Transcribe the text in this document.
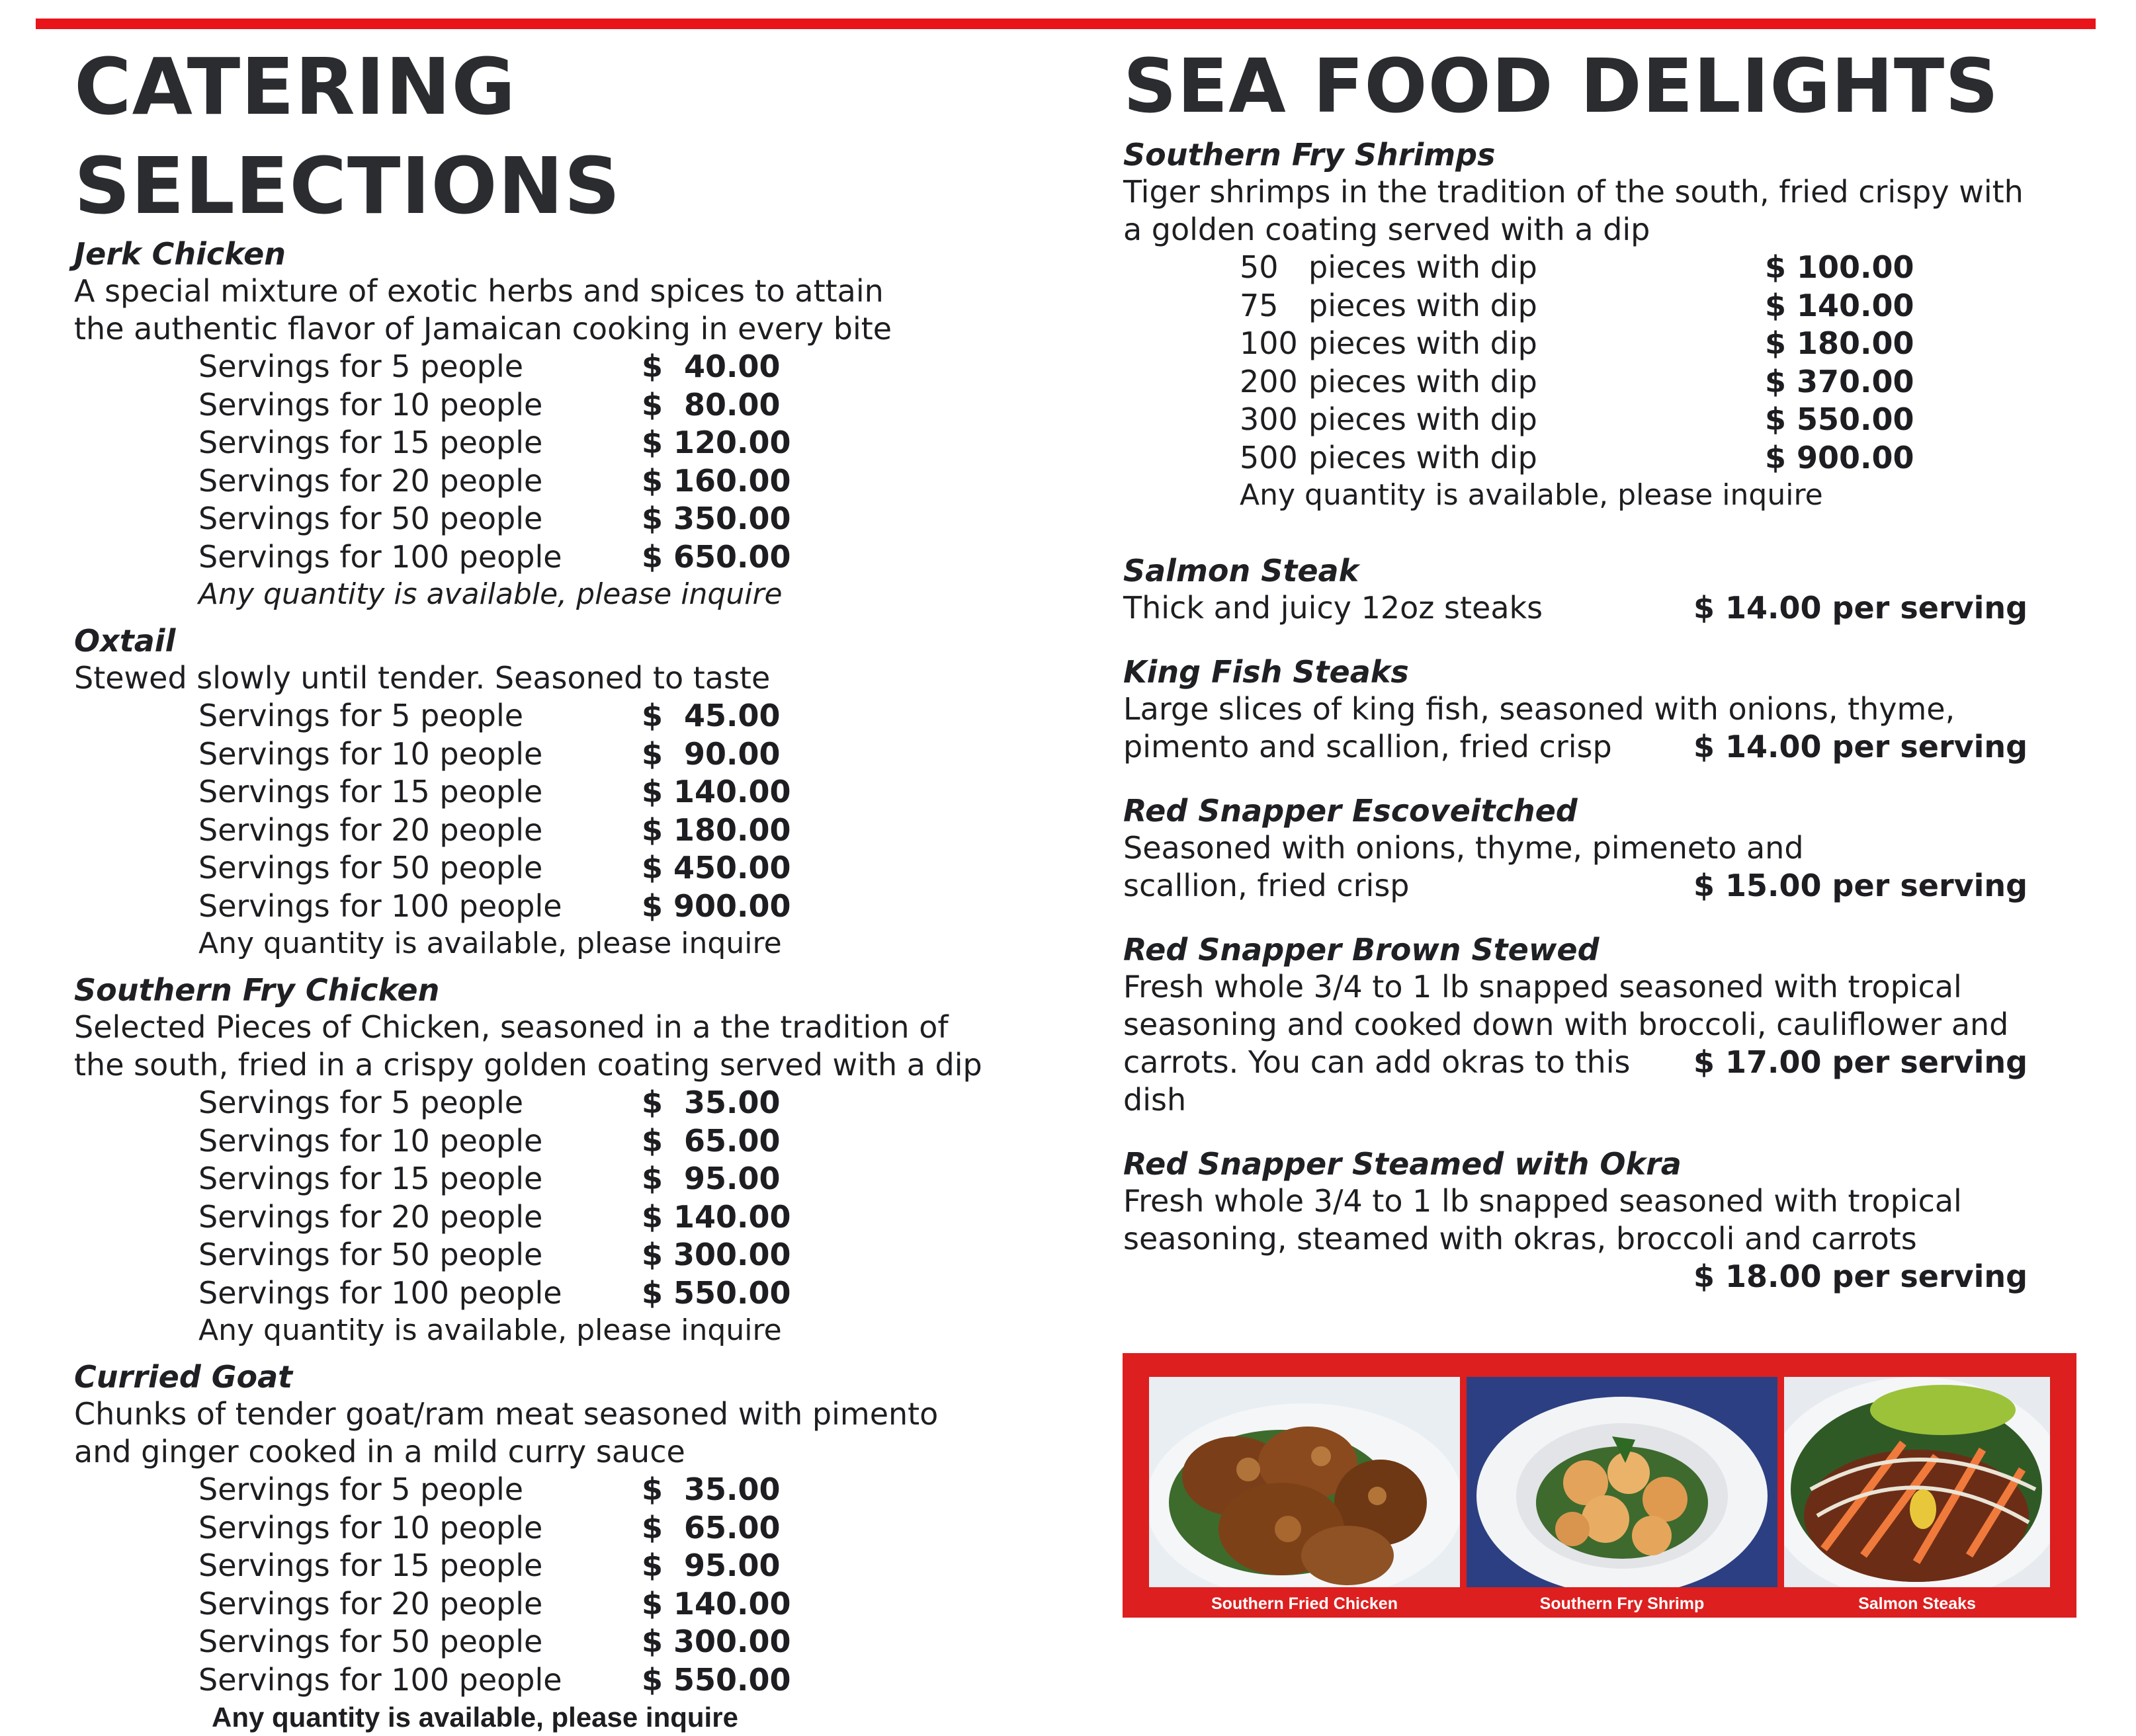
CATERING SELECTIONS

Jerk Chicken

A special mixture of exotic herbs and spices to attain

the authentic flavor of Jamaican cooking in every bite

Servings for 5 people	$  40.00
Servings for 10 people	$  80.00
Servings for 15 people	$ 120.00
Servings for 20 people	$ 160.00
Servings for 50 people	$ 350.00
Servings for 100 people	$ 650.00
Any quantity is available, please inquire

Oxtail

Stewed slowly until tender. Seasoned to taste

Servings for 5 people	$  45.00
Servings for 10 people	$  90.00
Servings for 15 people	$ 140.00
Servings for 20 people	$ 180.00
Servings for 50 people	$ 450.00
Servings for 100 people	$ 900.00
Any quantity is available, please inquire

Southern Fry Chicken

Selected Pieces of Chicken, seasoned in a the tradition of

the south, fried in a crispy golden coating served with a dip

Servings for 5 people	$  35.00
Servings for 10 people	$  65.00
Servings for 15 people	$  95.00
Servings for 20 people	$ 140.00
Servings for 50 people	$ 300.00
Servings for 100 people	$ 550.00
Any quantity is available, please inquire

Curried Goat

Chunks of tender goat/ram meat seasoned with pimento

and ginger cooked in a mild curry sauce

Servings for 5 people	$  35.00
Servings for 10 people	$  65.00
Servings for 15 people	$  95.00
Servings for 20 people	$ 140.00
Servings for 50 people	$ 300.00
Servings for 100 people	$ 550.00
Any quantity is available, please inquire
SEA FOOD DELIGHTS

Southern Fry Shrimps

Tiger shrimps in the tradition of the south, fried crispy with

a golden coating served with a dip

50 pieces with dip	$ 100.00
75 pieces with dip	$ 140.00
100 pieces with dip	$ 180.00
200 pieces with dip	$ 370.00
300 pieces with dip	$ 550.00
500 pieces with dip	$ 900.00
Any quantity is available, please inquire

Salmon Steak

Thick and juicy 12oz steaks	$ 14.00 per serving

King Fish Steaks

Large slices of king fish, seasoned with onions, thyme,

pimento and scallion, fried crisp	$ 14.00 per serving

Red Snapper Escoveitched

Seasoned with onions, thyme, pimeneto and

scallion, fried crisp	$ 15.00 per serving

Red Snapper Brown Stewed

Fresh whole 3/4 to 1 lb snapped seasoned with tropical

seasoning and cooked down with broccoli, cauliflower and

carrots. You can add okras to this dish
$ 17.00 per serving

Red Snapper Steamed with Okra

Fresh whole 3/4 to 1 lb snapped seasoned with tropical

seasoning, steamed with okras, broccoli and carrots

$ 18.00 per serving
Southern Fried Chicken	Southern Fry Shrimp	Salmon Steaks
